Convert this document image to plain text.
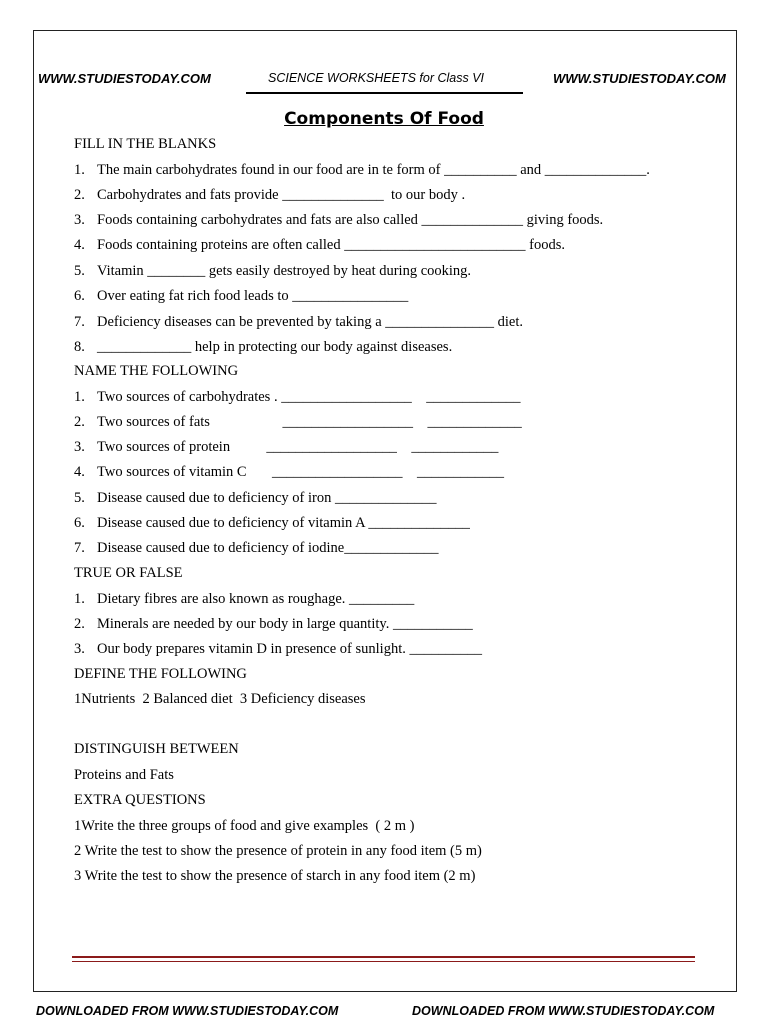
WWW.STUDIESTODAY.COM	SCIENCE WORKSHEETS for Class VI	WWW.STUDIESTODAY.COM
Components Of Food
FILL IN THE BLANKS
1. The main carbohydrates found in our food are in te form of __________ and ______________.
2. Carbohydrates and fats provide ______________  to our body .
3. Foods containing carbohydrates and fats are also called ______________ giving foods.
4. Foods containing proteins are often called _________________________ foods.
5. Vitamin ________ gets easily destroyed by heat during cooking.
6. Over eating fat rich food leads to ________________
7. Deficiency diseases can be prevented by taking a _______________ diet.
8. _____________ help in protecting our body against diseases.
NAME THE FOLLOWING
1. Two sources of carbohydrates . __________________    _____________
2. Two sources of fats                    __________________    _____________
3. Two sources of protein          __________________    ____________
4. Two sources of vitamin C       __________________    ____________
5. Disease caused due to deficiency of iron ______________
6. Disease caused due to deficiency of vitamin A ______________
7. Disease caused due to deficiency of iodine_____________
TRUE OR FALSE
1. Dietary fibres are also known as roughage. _________
2. Minerals are needed by our body in large quantity. ___________
3. Our body prepares vitamin D in presence of sunlight. __________
DEFINE THE FOLLOWING
1Nutrients  2 Balanced diet  3 Deficiency diseases
DISTINGUISH BETWEEN
Proteins and Fats
EXTRA QUESTIONS
1Write the three groups of food and give examples  ( 2 m )
2 Write the test to show the presence of protein in any food item (5 m)
3 Write the test to show the presence of starch in any food item (2 m)
DOWNLOADED FROM WWW.STUDIESTODAY.COM	DOWNLOADED FROM WWW.STUDIESTODAY.COM
